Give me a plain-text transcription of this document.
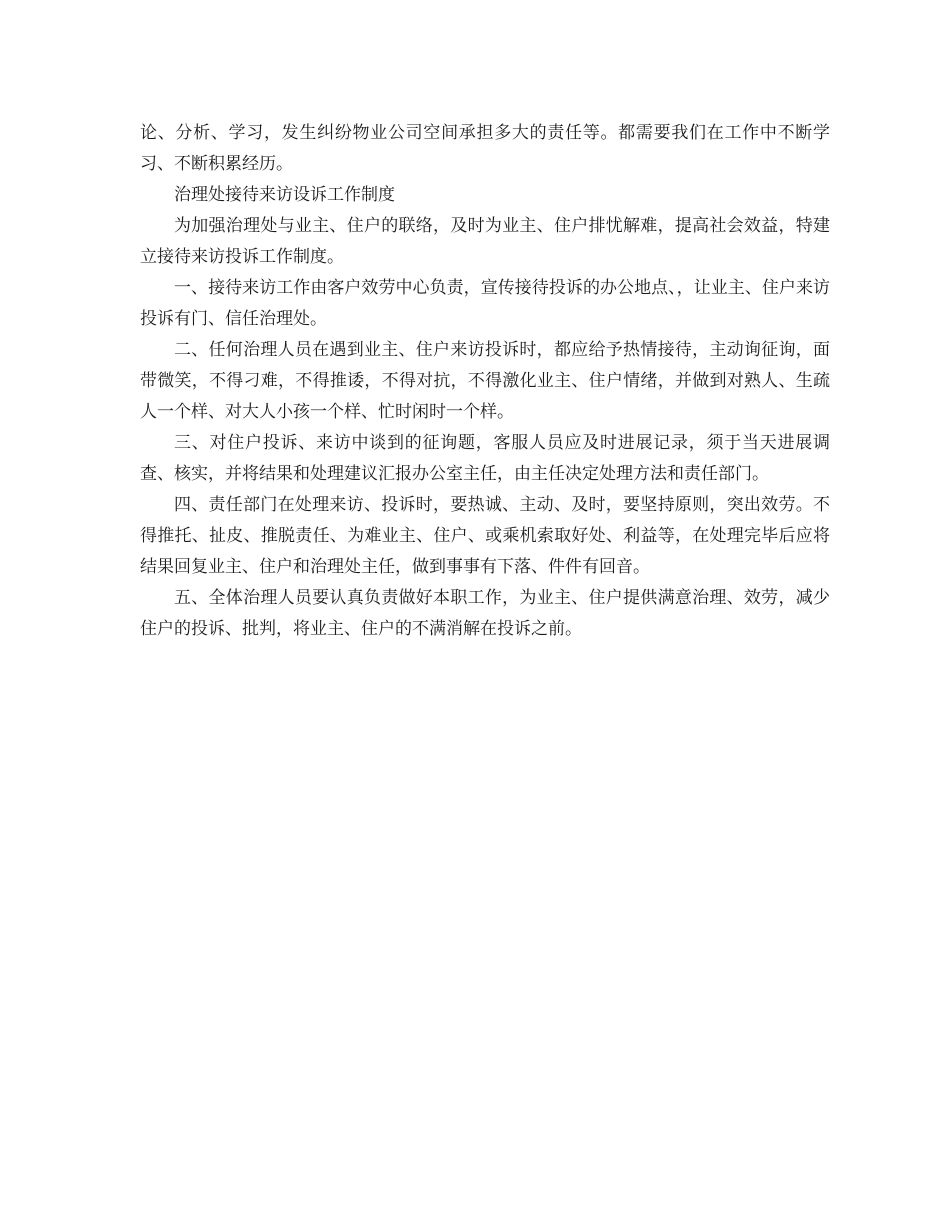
论、分析、学习，发生纠纷物业公司空间承担多大的责任等。都需要我们在工作中不断学习、不断积累经历。

治理处接待来访设诉工作制度

为加强治理处与业主、住户的联络，及时为业主、住户排忧解难，提高社会效益，特建立接待来访投诉工作制度。

一、接待来访工作由客户效劳中心负责，宣传接待投诉的办公地点、，让业主、住户来访投诉有门、信任治理处。

二、任何治理人员在遇到业主、住户来访投诉时，都应给予热情接待，主动询征询，面带微笑，不得刁难，不得推诿，不得对抗，不得激化业主、住户情绪，并做到对熟人、生疏人一个样、对大人小孩一个样、忙时闲时一个样。

三、对住户投诉、来访中谈到的征询题，客服人员应及时进展记录，须于当天进展调查、核实，并将结果和处理建议汇报办公室主任，由主任决定处理方法和责任部门。

四、责任部门在处理来访、投诉时，要热诚、主动、及时，要坚持原则，突出效劳。不得推托、扯皮、推脱责任、为难业主、住户、或乘机索取好处、利益等，在处理完毕后应将结果回复业主、住户和治理处主任，做到事事有下落、件件有回音。

五、全体治理人员要认真负责做好本职工作，为业主、住户提供满意治理、效劳，减少住户的投诉、批判，将业主、住户的不满消解在投诉之前。
